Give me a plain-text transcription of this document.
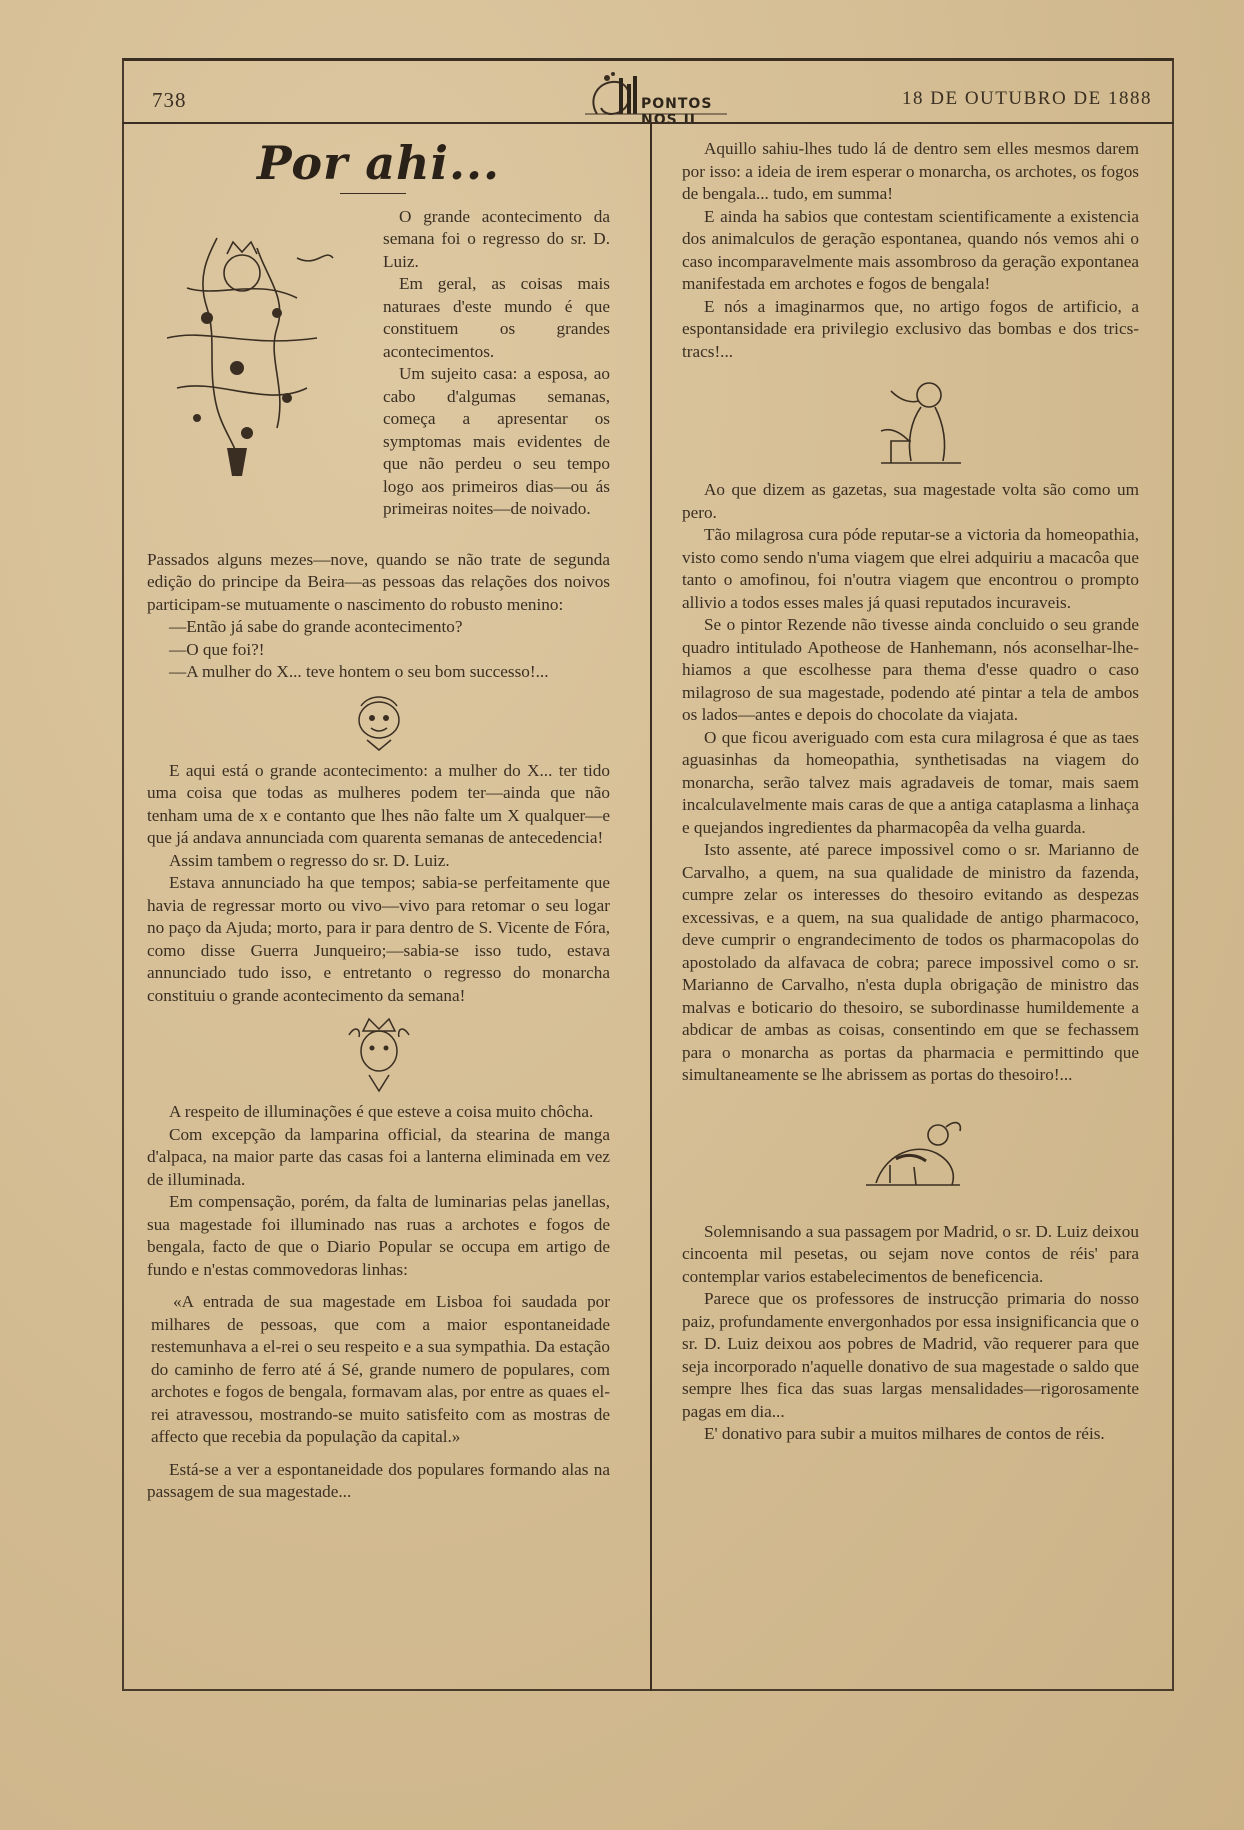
738	PONTOS NOS II
18 DE OUTUBRO DE 1888
Por ahi...

O grande acontecimento da semana foi o regresso do sr. D. Luiz.

Em geral, as coisas mais naturaes d'este mundo é que constituem os grandes acontecimentos.

Um sujeito casa: a esposa, ao cabo d'algumas semanas, começa a apresentar os symptomas mais evidentes de que não perdeu o seu tempo logo aos primeiros dias—ou ás primeiras noites—de noivado.

Passados alguns mezes—nove, quando se não trate de segunda edição do principe da Beira—as pessoas das relações dos noivos participam-se mutuamente o nascimento do robusto menino:

—Então já sabe do grande acontecimento?

—O que foi?!

—A mulher do X... teve hontem o seu bom successo!...

E aqui está o grande acontecimento: a mulher do X... ter tido uma coisa que todas as mulheres podem ter—ainda que não tenham uma de x e contanto que lhes não falte um X qualquer—e que já andava annunciada com quarenta semanas de antecedencia!

Assim tambem o regresso do sr. D. Luiz.

Estava annunciado ha que tempos; sabia-se perfeitamente que havia de regressar morto ou vivo—vivo para retomar o seu logar no paço da Ajuda; morto, para ir para dentro de S. Vicente de Fóra, como disse Guerra Junqueiro;—sabia-se isso tudo, estava annunciado tudo isso, e entretanto o regresso do monarcha constituiu o grande acontecimento da semana!

A respeito de illuminações é que esteve a coisa muito chôcha.

Com excepção da lamparina official, da stearina de manga d'alpaca, na maior parte das casas foi a lanterna eliminada em vez de illuminada.

Em compensação, porém, da falta de luminarias pelas janellas, sua magestade foi illuminado nas ruas a archotes e fogos de bengala, facto de que o Diario Popular se occupa em artigo de fundo e n'estas commovedoras linhas:

«A entrada de sua magestade em Lisboa foi saudada por milhares de pessoas, que com a maior espontaneidade restemunhava a el-rei o seu respeito e a sua sympathia. Da estação do caminho de ferro até á Sé, grande numero de populares, com archotes e fogos de bengala, formavam alas, por entre as quaes el-rei atravessou, mostrando-se muito satisfeito com as mostras de affecto que recebia da população da capital.»

Está-se a ver a espontaneidade dos populares formando alas na passagem de sua magestade...

Aquillo sahiu-lhes tudo lá de dentro sem elles mesmos darem por isso: a ideia de irem esperar o monarcha, os archotes, os fogos de bengala... tudo, em summa!

E ainda ha sabios que contestam scientificamente a existencia dos animalculos de geração espontanea, quando nós vemos ahi o caso incomparavelmente mais assombroso da geração expontanea manifestada em archotes e fogos de bengala!

E nós a imaginarmos que, no artigo fogos de artificio, a espontansidade era privilegio exclusivo das bombas e dos trics-tracs!...

Ao que dizem as gazetas, sua magestade volta são como um pero.

Tão milagrosa cura póde reputar-se a victoria da homeopathia, visto como sendo n'uma viagem que elrei adquiriu a macacôa que tanto o amofinou, foi n'outra viagem que encontrou o prompto allivio a todos esses males já quasi reputados incuraveis.

Se o pintor Rezende não tivesse ainda concluido o seu grande quadro intitulado Apotheose de Hanhemann, nós aconselhar-lhe-hiamos a que escolhesse para thema d'esse quadro o caso milagroso de sua magestade, podendo até pintar a tela de ambos os lados—antes e depois do chocolate da viajata.

O que ficou averiguado com esta cura milagrosa é que as taes aguasinhas da homeopathia, synthetisadas na viagem do monarcha, serão talvez mais agradaveis de tomar, mais saem incalculavelmente mais caras de que a antiga cataplasma a linhaça e quejandos ingredientes da pharmacopêa da velha guarda.

Isto assente, até parece impossivel como o sr. Marianno de Carvalho, a quem, na sua qualidade de ministro da fazenda, cumpre zelar os interesses do thesoiro evitando as despezas excessivas, e a quem, na sua qualidade de antigo pharmacoco, deve cumprir o engrandecimento de todos os pharmacopolas do apostolado da alfavaca de cobra; parece impossivel como o sr. Marianno de Carvalho, n'esta dupla obrigação de ministro das malvas e boticario do thesoiro, se subordinasse humildemente a abdicar de ambas as coisas, consentindo em que se fechassem para o monarcha as portas da pharmacia e permittindo que simultaneamente se lhe abrissem as portas do thesoiro!...

Solemnisando a sua passagem por Madrid, o sr. D. Luiz deixou cincoenta mil pesetas, ou sejam nove contos de réis' para contemplar varios estabelecimentos de beneficencia.

Parece que os professores de instrucção primaria do nosso paiz, profundamente envergonhados por essa insignificancia que o sr. D. Luiz deixou aos pobres de Madrid, vão requerer para que seja incorporado n'aquelle donativo de sua magestade o saldo que sempre lhes fica das suas largas mensalidades—rigorosamente pagas em dia...

E' donativo para subir a muitos milhares de contos de réis.
